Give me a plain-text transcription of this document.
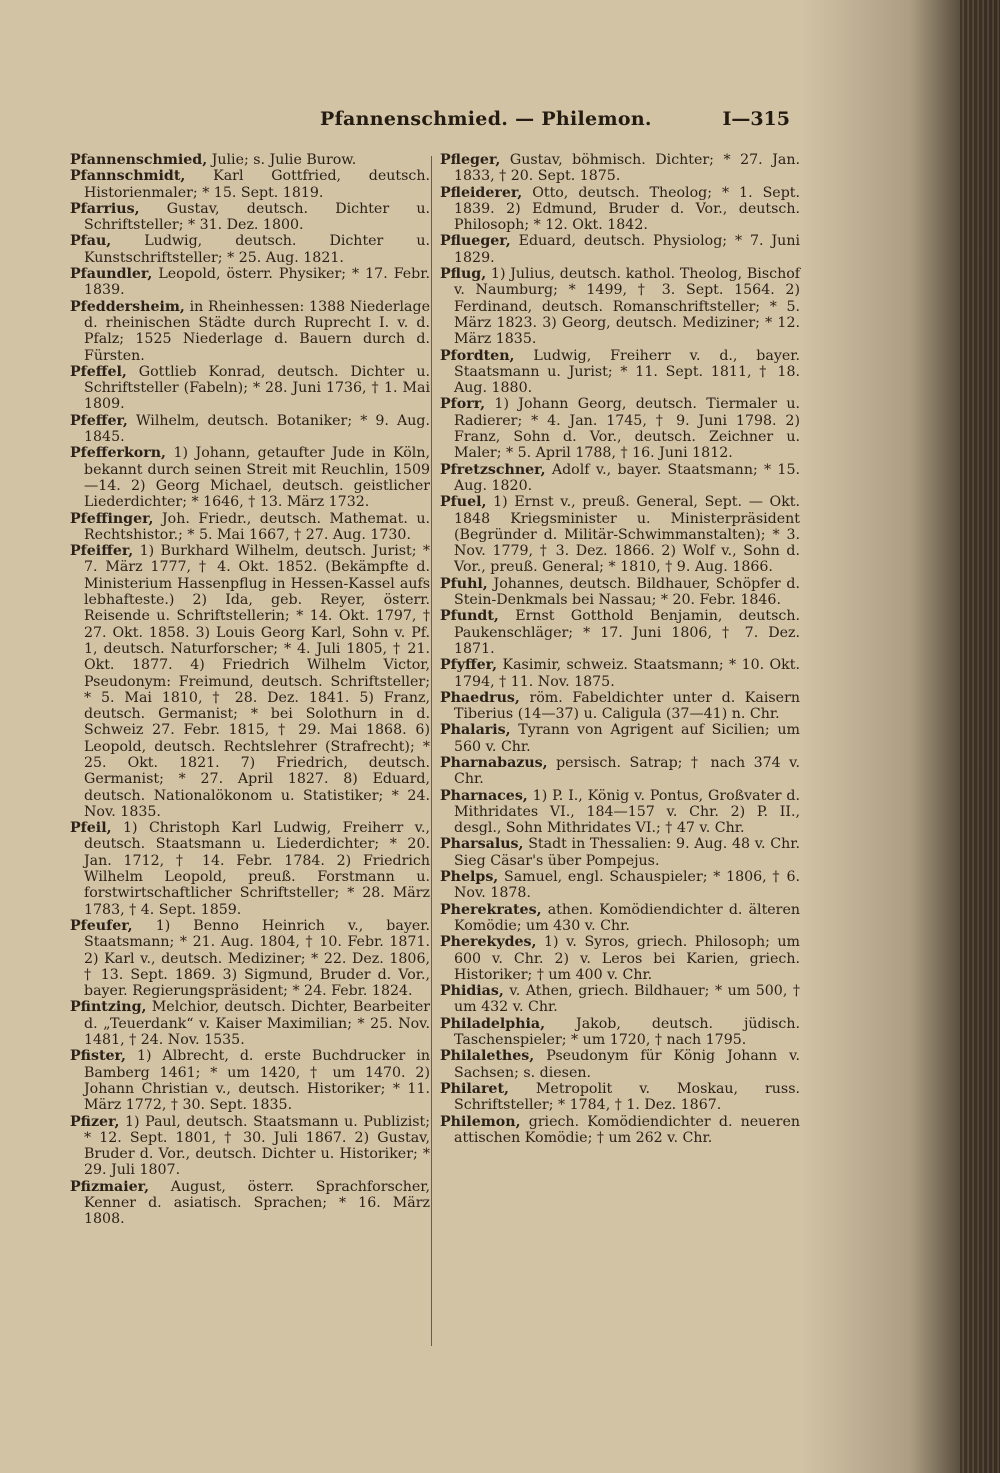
Pfannenschmied. — Philemon.	I—315

Pfannenschmied, Julie; s. Julie Burow.

Pfannschmidt, Karl Gottfried, deutsch. Historienmaler; * 15. Sept. 1819.

Pfarrius, Gustav, deutsch. Dichter u. Schriftsteller; * 31. Dez. 1800.

Pfau, Ludwig, deutsch. Dichter u. Kunstschriftsteller; * 25. Aug. 1821.

Pfaundler, Leopold, österr. Physiker; * 17. Febr. 1839.

Pfeddersheim, in Rheinhessen: 1388 Niederlage d. rheinischen Städte durch Ruprecht I. v. d. Pfalz; 1525 Niederlage d. Bauern durch d. Fürsten.

Pfeffel, Gottlieb Konrad, deutsch. Dichter u. Schriftsteller (Fabeln); * 28. Juni 1736, † 1. Mai 1809.

Pfeffer, Wilhelm, deutsch. Botaniker; * 9. Aug. 1845.

Pfefferkorn, 1) Johann, getaufter Jude in Köln, bekannt durch seinen Streit mit Reuchlin, 1509—14. 2) Georg Michael, deutsch. geistlicher Liederdichter; * 1646, † 13. März 1732.

Pfeffinger, Joh. Friedr., deutsch. Mathemat. u. Rechtshistor.; * 5. Mai 1667, † 27. Aug. 1730.

Pfeiffer, 1) Burkhard Wilhelm, deutsch. Jurist; * 7. März 1777, † 4. Okt. 1852. (Bekämpfte d. Ministerium Hassenpflug in Hessen-Kassel aufs lebhafteste.) 2) Ida, geb. Reyer, österr. Reisende u. Schriftstellerin; * 14. Okt. 1797, † 27. Okt. 1858. 3) Louis Georg Karl, Sohn v. Pf. 1, deutsch. Naturforscher; * 4. Juli 1805, † 21. Okt. 1877. 4) Friedrich Wilhelm Victor, Pseudonym: Freimund, deutsch. Schriftsteller; * 5. Mai 1810, † 28. Dez. 1841. 5) Franz, deutsch. Germanist; * bei Solothurn in d. Schweiz 27. Febr. 1815, † 29. Mai 1868. 6) Leopold, deutsch. Rechtslehrer (Strafrecht); * 25. Okt. 1821. 7) Friedrich, deutsch. Germanist; * 27. April 1827. 8) Eduard, deutsch. Nationalökonom u. Statistiker; * 24. Nov. 1835.

Pfeil, 1) Christoph Karl Ludwig, Freiherr v., deutsch. Staatsmann u. Liederdichter; * 20. Jan. 1712, † 14. Febr. 1784. 2) Friedrich Wilhelm Leopold, preuß. Forstmann u. forstwirtschaftlicher Schriftsteller; * 28. März 1783, † 4. Sept. 1859.

Pfeufer, 1) Benno Heinrich v., bayer. Staatsmann; * 21. Aug. 1804, † 10. Febr. 1871. 2) Karl v., deutsch. Mediziner; * 22. Dez. 1806, † 13. Sept. 1869. 3) Sigmund, Bruder d. Vor., bayer. Regierungspräsident; * 24. Febr. 1824.

Pfintzing, Melchior, deutsch. Dichter, Bearbeiter d. „Teuerdank“ v. Kaiser Maximilian; * 25. Nov. 1481, † 24. Nov. 1535.

Pfister, 1) Albrecht, d. erste Buchdrucker in Bamberg 1461; * um 1420, † um 1470. 2) Johann Christian v., deutsch. Historiker; * 11. März 1772, † 30. Sept. 1835.

Pfizer, 1) Paul, deutsch. Staatsmann u. Publizist; * 12. Sept. 1801, † 30. Juli 1867. 2) Gustav, Bruder d. Vor., deutsch. Dichter u. Historiker; * 29. Juli 1807.

Pfizmaier, August, österr. Sprachforscher, Kenner d. asiatisch. Sprachen; * 16. März 1808.

Pfleger, Gustav, böhmisch. Dichter; * 27. Jan. 1833, † 20. Sept. 1875.

Pfleiderer, Otto, deutsch. Theolog; * 1. Sept. 1839. 2) Edmund, Bruder d. Vor., deutsch. Philosoph; * 12. Okt. 1842.

Pflueger, Eduard, deutsch. Physiolog; * 7. Juni 1829.

Pflug, 1) Julius, deutsch. kathol. Theolog, Bischof v. Naumburg; * 1499, † 3. Sept. 1564. 2) Ferdinand, deutsch. Romanschriftsteller; * 5. März 1823. 3) Georg, deutsch. Mediziner; * 12. März 1835.

Pfordten, Ludwig, Freiherr v. d., bayer. Staatsmann u. Jurist; * 11. Sept. 1811, † 18. Aug. 1880.

Pforr, 1) Johann Georg, deutsch. Tiermaler u. Radierer; * 4. Jan. 1745, † 9. Juni 1798. 2) Franz, Sohn d. Vor., deutsch. Zeichner u. Maler; * 5. April 1788, † 16. Juni 1812.

Pfretzschner, Adolf v., bayer. Staatsmann; * 15. Aug. 1820.

Pfuel, 1) Ernst v., preuß. General, Sept. — Okt. 1848 Kriegsminister u. Ministerpräsident (Begründer d. Militär-Schwimmanstalten); * 3. Nov. 1779, † 3. Dez. 1866. 2) Wolf v., Sohn d. Vor., preuß. General; * 1810, † 9. Aug. 1866.

Pfuhl, Johannes, deutsch. Bildhauer, Schöpfer d. Stein-Denkmals bei Nassau; * 20. Febr. 1846.

Pfundt, Ernst Gotthold Benjamin, deutsch. Paukenschläger; * 17. Juni 1806, † 7. Dez. 1871.

Pfyffer, Kasimir, schweiz. Staatsmann; * 10. Okt. 1794, † 11. Nov. 1875.

Phaedrus, röm. Fabeldichter unter d. Kaisern Tiberius (14—37) u. Caligula (37—41) n. Chr.

Phalaris, Tyrann von Agrigent auf Sicilien; um 560 v. Chr.

Pharnabazus, persisch. Satrap; † nach 374 v. Chr.

Pharnaces, 1) P. I., König v. Pontus, Großvater d. Mithridates VI., 184—157 v. Chr. 2) P. II., desgl., Sohn Mithridates VI.; † 47 v. Chr.

Pharsalus, Stadt in Thessalien: 9. Aug. 48 v. Chr. Sieg Cäsar's über Pompejus.

Phelps, Samuel, engl. Schauspieler; * 1806, † 6. Nov. 1878.

Pherekrates, athen. Komödiendichter d. älteren Komödie; um 430 v. Chr.

Pherekydes, 1) v. Syros, griech. Philosoph; um 600 v. Chr. 2) v. Leros bei Karien, griech. Historiker; † um 400 v. Chr.

Phidias, v. Athen, griech. Bildhauer; * um 500, † um 432 v. Chr.

Philadelphia, Jakob, deutsch. jüdisch. Taschenspieler; * um 1720, † nach 1795.

Philalethes, Pseudonym für König Johann v. Sachsen; s. diesen.

Philaret, Metropolit v. Moskau, russ. Schriftsteller; * 1784, † 1. Dez. 1867.

Philemon, griech. Komödiendichter d. neueren attischen Komödie; † um 262 v. Chr.
